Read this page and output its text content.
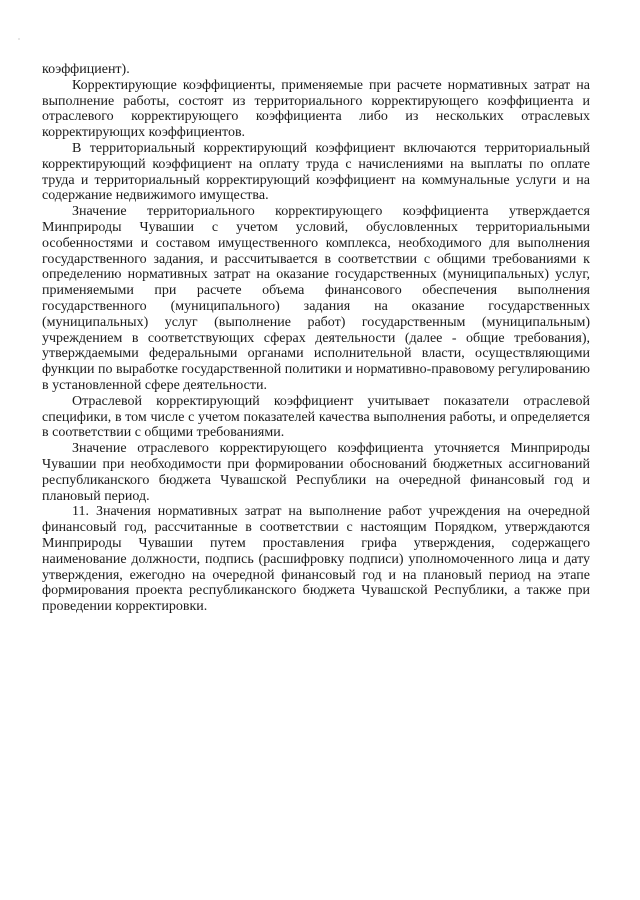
коэффициент).

Корректирующие коэффициенты, применяемые при расчете нормативных затрат на выполнение работы, состоят из территориального корректирующего коэффициента и отраслевого корректирующего коэффициента либо из нескольких отраслевых корректирующих коэффициентов.

В территориальный корректирующий коэффициент включаются территориальный корректирующий коэффициент на оплату труда с начислениями на выплаты по оплате труда и территориальный корректирующий коэффициент на коммунальные услуги и на содержание недвижимого имущества.

Значение территориального корректирующего коэффициента утверждается Минприроды Чувашии с учетом условий, обусловленных территориальными особенностями и составом имущественного комплекса, необходимого для выполнения государственного задания, и рассчитывается в соответствии с общими требованиями к определению нормативных затрат на оказание государственных (муниципальных) услуг, применяемыми при расчете объема финансового обеспечения выполнения государственного (муниципального) задания на оказание государственных (муниципальных) услуг (выполнение работ) государственным (муниципальным) учреждением в соответствующих сферах деятельности (далее - общие требования), утверждаемыми федеральными органами исполнительной власти, осуществляющими функции по выработке государственной политики и нормативно-правовому регулированию в установленной сфере деятельности.

Отраслевой корректирующий коэффициент учитывает показатели отраслевой специфики, в том числе с учетом показателей качества выполнения работы, и определяется в соответствии с общими требованиями.

Значение отраслевого корректирующего коэффициента уточняется Минприроды Чувашии при необходимости при формировании обоснований бюджетных ассигнований республиканского бюджета Чувашской Республики на очередной финансовый год и плановый период.

11. Значения нормативных затрат на выполнение работ учреждения на очередной финансовый год, рассчитанные в соответствии с настоящим Порядком, утверждаются Минприроды Чувашии путем проставления грифа утверждения, содержащего наименование должности, подпись (расшифровку подписи) уполномоченного лица и дату утверждения, ежегодно на очередной финансовый год и на плановый период на этапе формирования проекта республиканского бюджета Чувашской Республики, а также при проведении корректировки.
